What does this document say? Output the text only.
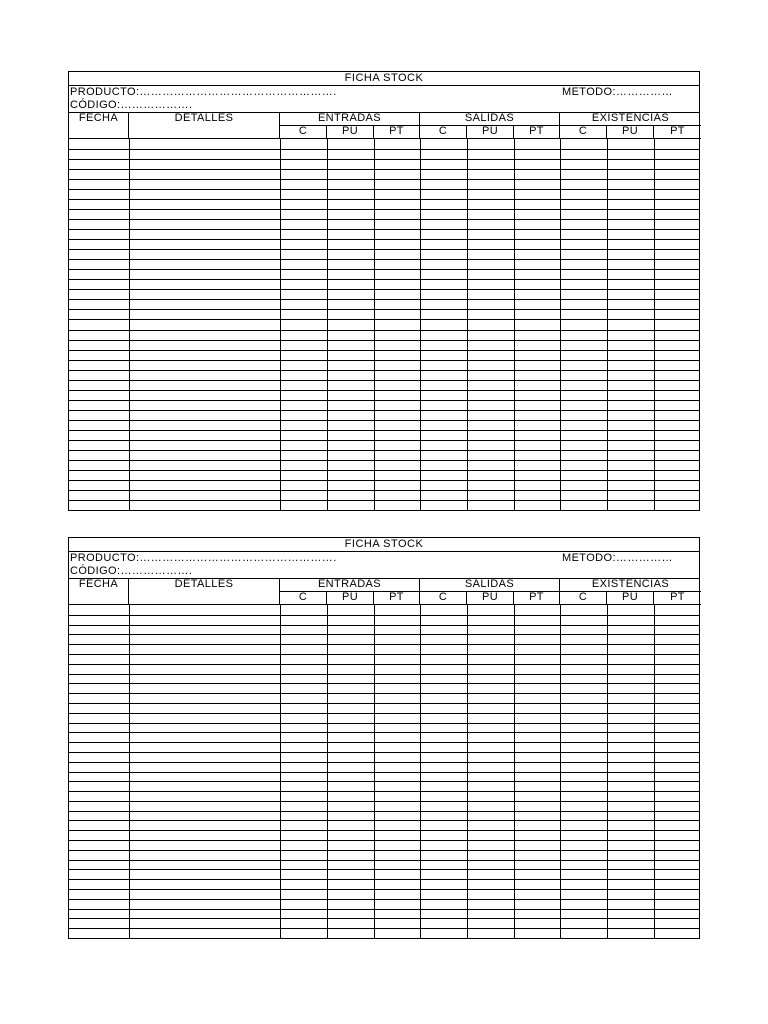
FICHA STOCK
PRODUCTO:…………………………………………….	METODO:……………
CÓDIGO:……………….
FECHA	DETALLES	ENTRADAS	SALIDAS	EXISTENCIAS
C	PU	PT	C	PU	PT	C	PU	PT
FICHA STOCK
PRODUCTO:…………………………………………….	METODO:……………
CÓDIGO:……………….
FECHA	DETALLES	ENTRADAS	SALIDAS	EXISTENCIAS
C	PU	PT	C	PU	PT	C	PU	PT
